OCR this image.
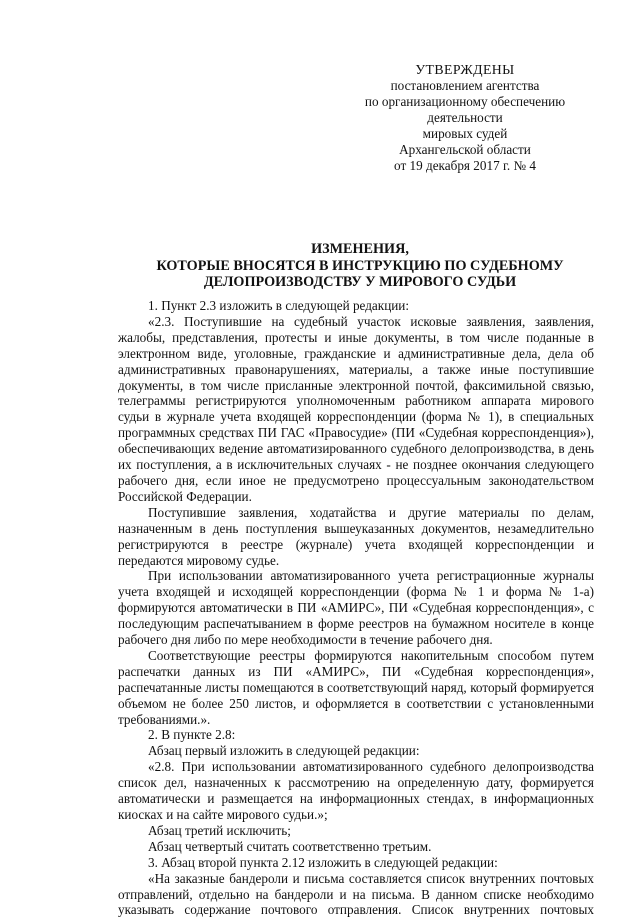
УТВЕРЖДЕНЫ
постановлением агентства
по организационному обеспечению
деятельности
мировых судей
Архангельской области
от 19 декабря 2017 г. № 4
ИЗМЕНЕНИЯ,
КОТОРЫЕ ВНОСЯТСЯ В ИНСТРУКЦИЮ ПО СУДЕБНОМУ
ДЕЛОПРОИЗВОДСТВУ У МИРОВОГО СУДЬИ

1. Пункт 2.3 изложить в следующей редакции:

«2.3. Поступившие на судебный участок исковые заявления, заявления, жалобы, представления, протесты и иные документы, в том числе поданные в электронном виде, уголовные, гражданские и административные дела, дела об административных правонарушениях, материалы, а также иные поступившие документы, в том числе присланные электронной почтой, факсимильной связью, телеграммы регистрируются уполномоченным работником аппарата мирового судьи в журнале учета входящей корреспонденции (форма № 1), в специальных программных средствах ПИ ГАС «Правосудие» (ПИ «Судебная корреспонденция»), обеспечивающих ведение автоматизированного судебного делопроизводства, в день их поступления, а в исключительных случаях - не позднее окончания следующего рабочего дня, если иное не предусмотрено процессуальным законодательством Российской Федерации.

Поступившие заявления, ходатайства и другие материалы по делам, назначенным в день поступления вышеуказанных документов, незамедлительно регистрируются в реестре (журнале) учета входящей корреспонденции и передаются мировому судье.

При использовании автоматизированного учета регистрационные журналы учета входящей и исходящей корреспонденции (форма № 1 и форма № 1-а) формируются автоматически в ПИ «АМИРС», ПИ «Судебная корреспонденция», с последующим распечатыванием в форме реестров на бумажном носителе в конце рабочего дня либо по мере необходимости в течение рабочего дня.

Соответствующие реестры формируются накопительным способом путем распечатки данных из ПИ «АМИРС», ПИ «Судебная корреспонденция», распечатанные листы помещаются в соответствующий наряд, который формируется объемом не более 250 листов, и оформляется в соответствии с установленными требованиями.».

2. В пункте 2.8:

Абзац первый изложить в следующей редакции:

«2.8. При использовании автоматизированного судебного делопроизводства список дел, назначенных к рассмотрению на определенную дату, формируется автоматически и размещается на информационных стендах, в информационных киосках и на сайте мирового судьи.»;

Абзац третий исключить;

Абзац четвертый считать соответственно третьим.

3. Абзац второй пункта 2.12 изложить в следующей редакции:

«На заказные бандероли и письма составляется список внутренних почтовых отправлений, отдельно на бандероли и на письма. В данном списке необходимо указывать содержание почтового отправления. Список внутренних почтовых
